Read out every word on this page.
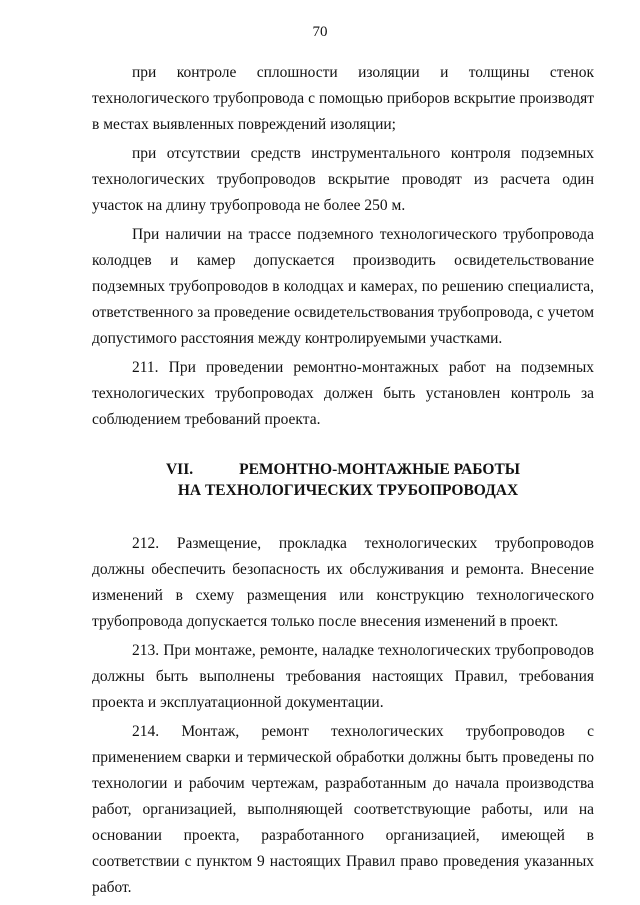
70

при контроле сплошности изоляции и толщины стенок технологического трубопровода с помощью приборов вскрытие производят в местах выявленных повреждений изоляции;

при отсутствии средств инструментального контроля подземных технологических трубопроводов вскрытие проводят из расчета один участок на длину трубопровода не более 250 м.

При наличии на трассе подземного технологического трубопровода колодцев и камер допускается производить освидетельствование подземных трубопроводов в колодцах и камерах, по решению специалиста, ответственного за проведение освидетельствования трубопровода, с учетом допустимого расстояния между контролируемыми участками.

211. При проведении ремонтно-монтажных работ на подземных технологических трубопроводах должен быть установлен контроль за соблюдением требований проекта.

VII.	РЕМОНТНО-МОНТАЖНЫЕ РАБОТЫ
НА ТЕХНОЛОГИЧЕСКИХ ТРУБОПРОВОДАХ

212. Размещение, прокладка технологических трубопроводов должны обеспечить безопасность их обслуживания и ремонта. Внесение изменений в схему размещения или конструкцию технологического трубопровода допускается только после внесения изменений в проект.

213. При монтаже, ремонте, наладке технологических трубопроводов должны быть выполнены требования настоящих Правил, требования проекта и эксплуатационной документации.

214. Монтаж, ремонт технологических трубопроводов с применением сварки и термической обработки должны быть проведены по технологии и рабочим чертежам, разработанным до начала производства работ, организацией, выполняющей соответствующие работы, или на основании проекта, разработанного организацией, имеющей в соответствии с пунктом 9 настоящих Правил право проведения указанных работ.
